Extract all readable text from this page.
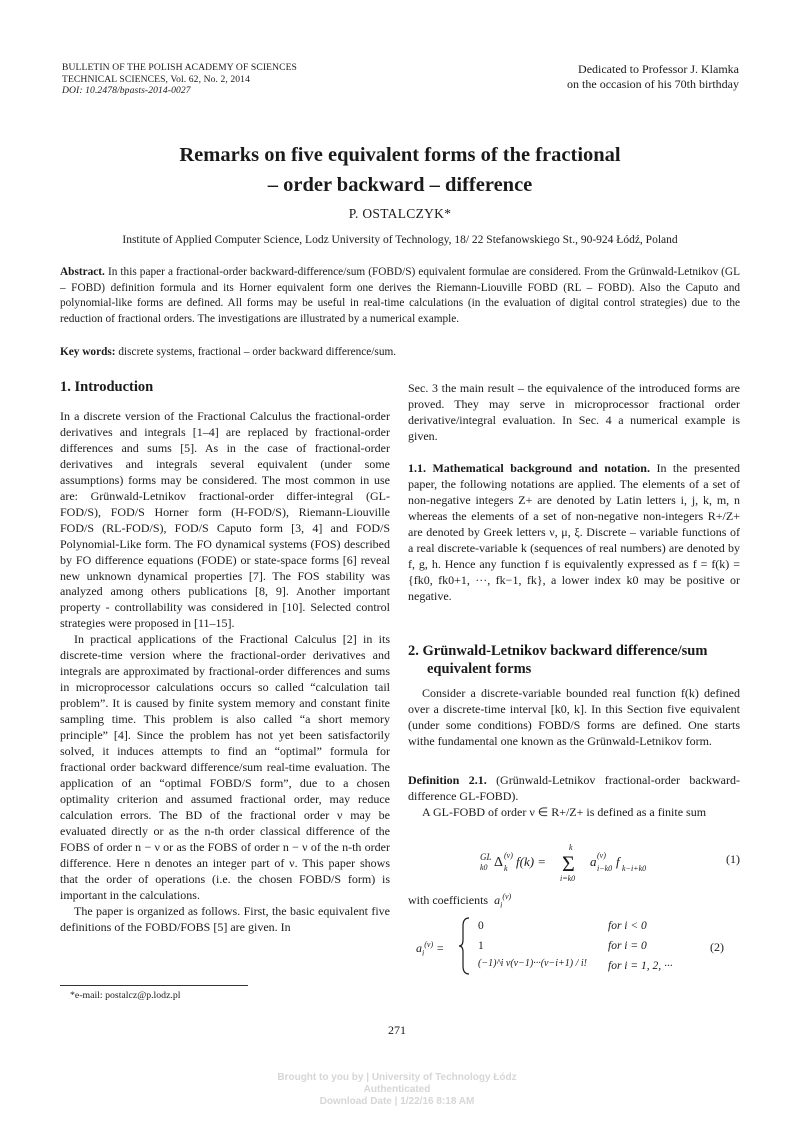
BULLETIN OF THE POLISH ACADEMY OF SCIENCES
TECHNICAL SCIENCES, Vol. 62, No. 2, 2014
DOI: 10.2478/bpasts-2014-0027
Dedicated to Professor J. Klamka
on the occasion of his 70th birthday
Remarks on five equivalent forms of the fractional
– order backward – difference
P. OSTALCZYK*
Institute of Applied Computer Science, Lodz University of Technology, 18/ 22 Stefanowskiego St., 90-924 Łódź, Poland
Abstract. In this paper a fractional-order backward-difference/sum (FOBD/S) equivalent formulae are considered. From the Grünwald-Letnikov (GL – FOBD) definition formula and its Horner equivalent form one derives the Riemann-Liouville FOBD (RL – FOBD). Also the Caputo and polynomial-like forms are defined. All forms may be useful in real-time calculations (in the evaluation of digital control strategies) due to the reduction of fractional orders. The investigations are illustrated by a numerical example.
Key words: discrete systems, fractional – order backward difference/sum.
1. Introduction

In a discrete version of the Fractional Calculus the fractional-order derivatives and integrals [1–4] are replaced by fractional-order differences and sums [5]. As in the case of fractional-order derivatives and integrals several equivalent (under some assumptions) forms may be considered. The most common in use are: Grünwald-Letnikov fractional-order differ-integral (GL-FOD/S), FOD/S Horner form (H-FOD/S), Riemann-Liouville FOD/S (RL-FOD/S), FOD/S Caputo form [3, 4] and FOD/S Polynomial-Like form. The FO dynamical systems (FOS) described by FO difference equations (FODE) or state-space forms [6] reveal new unknown dynamical properties [7]. The FOS stability was analyzed among others publications [8, 9]. Another important property - controllability was considered in [10]. Selected control strategies were proposed in [11–15].

In practical applications of the Fractional Calculus [2] in its discrete-time version where the fractional-order derivatives and integrals are approximated by fractional-order differences and sums in microprocessor calculations occurs so called “calculation tail problem”. It is caused by finite system memory and constant finite sampling time. This problem is also called “a short memory principle” [4]. Since the problem has not yet been satisfactorily solved, it induces attempts to find an “optimal” formula for fractional order backward difference/sum real-time evaluation. The application of an “optimal FOBD/S form”, due to a chosen optimality criterion and assumed fractional order, may reduce calculation errors. The BD of the fractional order ν may be evaluated directly or as the n-th order classical difference of the FOBS of order n − ν or as the FOBS of order n − ν of the n-th order difference. Here n denotes an integer part of ν. This paper shows that the order of operations (i.e. the chosen FOBD/S form) is important in the calculations.

The paper is organized as follows. First, the basic equivalent five definitions of the FOBD/FOBS [5] are given. In

Sec. 3 the main result – the equivalence of the introduced forms are proved. They may serve in microprocessor fractional order derivative/integral evaluation. In Sec. 4 a numerical example is given.

1.1. Mathematical background and notation. In the presented paper, the following notations are applied. The elements of a set of non-negative integers Z+ are denoted by Latin letters i, j, k, m, n whereas the elements of a set of non-negative non-integers R+/Z+ are denoted by Greek letters ν, μ, ξ. Discrete – variable functions of a real discrete-variable k (sequences of real numbers) are denoted by f, g, h. Hence any function f is equivalently expressed as f = f(k) = {fk0, fk0+1, ···, fk−1, fk}, a lower index k0 may be positive or negative.
2. Grünwald-Letnikov backward difference/sum
equivalent forms

Consider a discrete-variable bounded real function f(k) defined over a discrete-time interval [k0, k]. In this Section five equivalent (under some conditions) FOBD/S forms are defined. One starts withe fundamental one known as the Grünwald-Letnikov form.

Definition 2.1. (Grünwald-Letnikov fractional-order backward-difference GL-FOBD).

A GL-FOBD of order ν ∈ R+/Z+ is defined as a finite sum

GL
k0 Δ (ν)
k f(k) = Σ
k
i=k0
a (ν)
i−k0 f k−i+k0
(1)
with coefficients  $a_i^{(\nu)}$
$a_i^{(\nu)}$ =
0	for i < 0
1	for i = 0
(−1)^i ν(ν−1)···(ν−i+1) / i! for i = 1, 2, ···
(2)
*e-mail: postalcz@p.lodz.pl
271
Brought to you by | University of Technology Łódz
Authenticated
Download Date | 1/22/16 8:18 AM
